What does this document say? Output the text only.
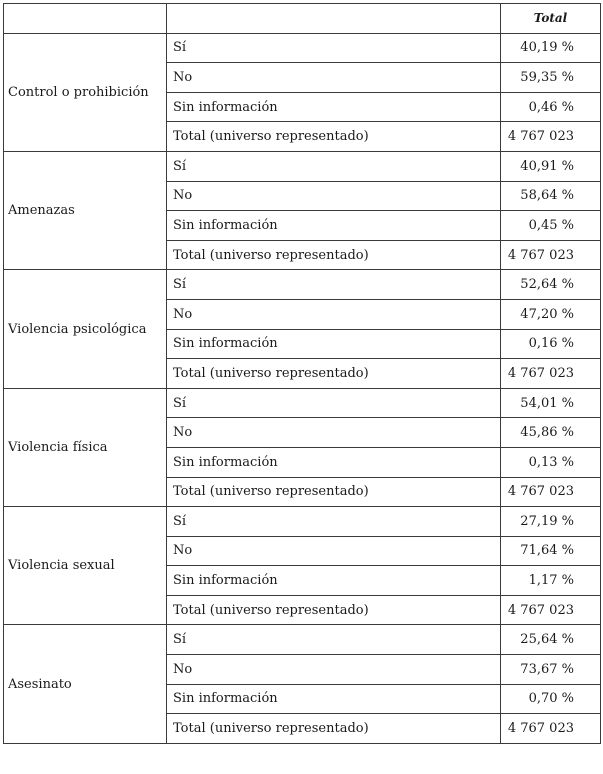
		Total
Control o prohibición	Sí	40,19 %
	No	59,35 %
	Sin información	0,46 %
	Total (universo representado)	4 767 023
Amenazas	Sí	40,91 %
	No	58,64 %
	Sin información	0,45 %
	Total (universo representado)	4 767 023
Violencia psicológica	Sí	52,64 %
	No	47,20 %
	Sin información	0,16 %
	Total (universo representado)	4 767 023
Violencia física	Sí	54,01 %
	No	45,86 %
	Sin información	0,13 %
	Total (universo representado)	4 767 023
Violencia sexual	Sí	27,19 %
	No	71,64 %
	Sin información	1,17 %
	Total (universo representado)	4 767 023
Asesinato	Sí	25,64 %
	No	73,67 %
	Sin información	0,70 %
	Total (universo representado)	4 767 023
